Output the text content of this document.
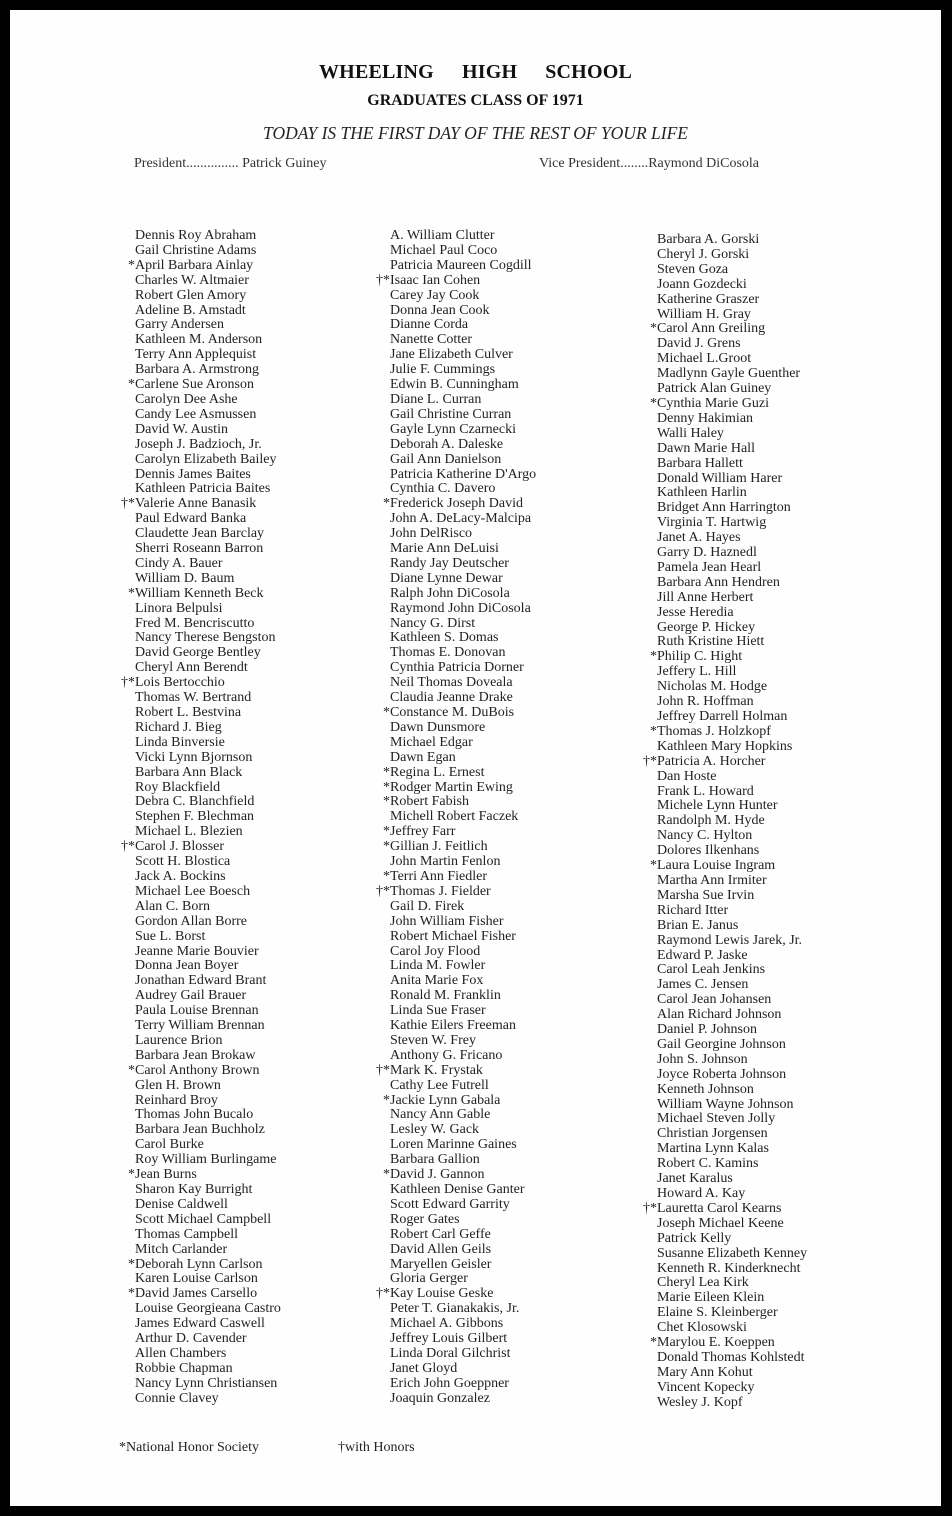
WHEELING HIGH SCHOOL
GRADUATES CLASS OF 1971
TODAY IS THE FIRST DAY OF THE REST OF YOUR LIFE
President............... Patrick Guiney	Vice President........Raymond DiCosola
Dennis Roy Abraham
Gail Christine Adams
* April Barbara Ainlay
Charles W. Altmaier
Robert Glen Amory
Adeline B. Amstadt
Garry Andersen
Kathleen M. Anderson
Terry Ann Applequist
Barbara A. Armstrong
* Carlene Sue Aronson
Carolyn Dee Ashe
Candy Lee Asmussen
David W. Austin
Joseph J. Badzioch, Jr.
Carolyn Elizabeth Bailey
Dennis James Baites
Kathleen Patricia Baites
†* Valerie Anne Banasik
Paul Edward Banka
Claudette Jean Barclay
Sherri Roseann Barron
Cindy A. Bauer
William D. Baum
* William Kenneth Beck
Linora Belpulsi
Fred M. Bencriscutto
Nancy Therese Bengston
David George Bentley
Cheryl Ann Berendt
†* Lois Bertocchio
Thomas W. Bertrand
Robert L. Bestvina
Richard J. Bieg
Linda Binversie
Vicki Lynn Bjornson
Barbara Ann Black
Roy Blackfield
Debra C. Blanchfield
Stephen F. Blechman
Michael L. Blezien
†* Carol J. Blosser
Scott H. Blostica
Jack A. Bockins
Michael Lee Boesch
Alan C. Born
Gordon Allan Borre
Sue L. Borst
Jeanne Marie Bouvier
Donna Jean Boyer
Jonathan Edward Brant
Audrey Gail Brauer
Paula Louise Brennan
Terry William Brennan
Laurence Brion
Barbara Jean Brokaw
* Carol Anthony Brown
Glen H. Brown
Reinhard Broy
Thomas John Bucalo
Barbara Jean Buchholz
Carol Burke
Roy William Burlingame
* Jean Burns
Sharon Kay Burright
Denise Caldwell
Scott Michael Campbell
Thomas Campbell
Mitch Carlander
* Deborah Lynn Carlson
Karen Louise Carlson
* David James Carsello
Louise Georgieana Castro
James Edward Caswell
Arthur D. Cavender
Allen Chambers
Robbie Chapman
Nancy Lynn Christiansen
Connie Clavey
A. William Clutter
Michael Paul Coco
Patricia Maureen Cogdill
†* Isaac Ian Cohen
Carey Jay Cook
Donna Jean Cook
Dianne Corda
Nanette Cotter
Jane Elizabeth Culver
Julie F. Cummings
Edwin B. Cunningham
Diane L. Curran
Gail Christine Curran
Gayle Lynn Czarnecki
Deborah A. Daleske
Gail Ann Danielson
Patricia Katherine D'Argo
Cynthia C. Davero
* Frederick Joseph David
John A. DeLacy-Malcipa
John DelRisco
Marie Ann DeLuisi
Randy Jay Deutscher
Diane Lynne Dewar
Ralph John DiCosola
Raymond John DiCosola
Nancy G. Dirst
Kathleen S. Domas
Thomas E. Donovan
Cynthia Patricia Dorner
Neil Thomas Doveala
Claudia Jeanne Drake
* Constance M. DuBois
Dawn Dunsmore
Michael Edgar
Dawn Egan
* Regina L. Ernest
* Rodger Martin Ewing
* Robert Fabish
Michell Robert Faczek
* Jeffrey Farr
* Gillian J. Feitlich
John Martin Fenlon
* Terri Ann Fiedler
†* Thomas J. Fielder
Gail D. Firek
John William Fisher
Robert Michael Fisher
Carol Joy Flood
Linda M. Fowler
Anita Marie Fox
Ronald M. Franklin
Linda Sue Fraser
Kathie Eilers Freeman
Steven W. Frey
Anthony G. Fricano
†* Mark K. Frystak
Cathy Lee Futrell
* Jackie Lynn Gabala
Nancy Ann Gable
Lesley W. Gack
Loren Marinne Gaines
Barbara Gallion
* David J. Gannon
Kathleen Denise Ganter
Scott Edward Garrity
Roger Gates
Robert Carl Geffe
David Allen Geils
Maryellen Geisler
Gloria Gerger
†* Kay Louise Geske
Peter T. Gianakakis, Jr.
Michael A. Gibbons
Jeffrey Louis Gilbert
Linda Doral Gilchrist
Janet Gloyd
Erich John Goeppner
Joaquin Gonzalez
Barbara A. Gorski
Cheryl J. Gorski
Steven Goza
Joann Gozdecki
Katherine Graszer
William H. Gray
* Carol Ann Greiling
David J. Grens
Michael L.Groot
Madlynn Gayle Guenther
Patrick Alan Guiney
* Cynthia Marie Guzi
Denny Hakimian
Walli Haley
Dawn Marie Hall
Barbara Hallett
Donald William Harer
Kathleen Harlin
Bridget Ann Harrington
Virginia T. Hartwig
Janet A. Hayes
Garry D. Haznedl
Pamela Jean Hearl
Barbara Ann Hendren
Jill Anne Herbert
Jesse Heredia
George P. Hickey
Ruth Kristine Hiett
* Philip C. Hight
Jeffery L. Hill
Nicholas M. Hodge
John R. Hoffman
Jeffrey Darrell Holman
* Thomas J. Holzkopf
Kathleen Mary Hopkins
†* Patricia A. Horcher
Dan Hoste
Frank L. Howard
Michele Lynn Hunter
Randolph M. Hyde
Nancy C. Hylton
Dolores Ilkenhans
* Laura Louise Ingram
Martha Ann Irmiter
Marsha Sue Irvin
Richard Itter
Brian E. Janus
Raymond Lewis Jarek, Jr.
Edward P. Jaske
Carol Leah Jenkins
James C. Jensen
Carol Jean Johansen
Alan Richard Johnson
Daniel P. Johnson
Gail Georgine Johnson
John S. Johnson
Joyce Roberta Johnson
Kenneth Johnson
William Wayne Johnson
Michael Steven Jolly
Christian Jorgensen
Martina Lynn Kalas
Robert C. Kamins
Janet Karalus
Howard A. Kay
†* Lauretta Carol Kearns
Joseph Michael Keene
Patrick Kelly
Susanne Elizabeth Kenney
Kenneth R. Kinderknecht
Cheryl Lea Kirk
Marie Eileen Klein
Elaine S. Kleinberger
Chet Klosowski
* Marylou E. Koeppen
Donald Thomas Kohlstedt
Mary Ann Kohut
Vincent Kopecky
Wesley J. Kopf
*National Honor Society	†with Honors
